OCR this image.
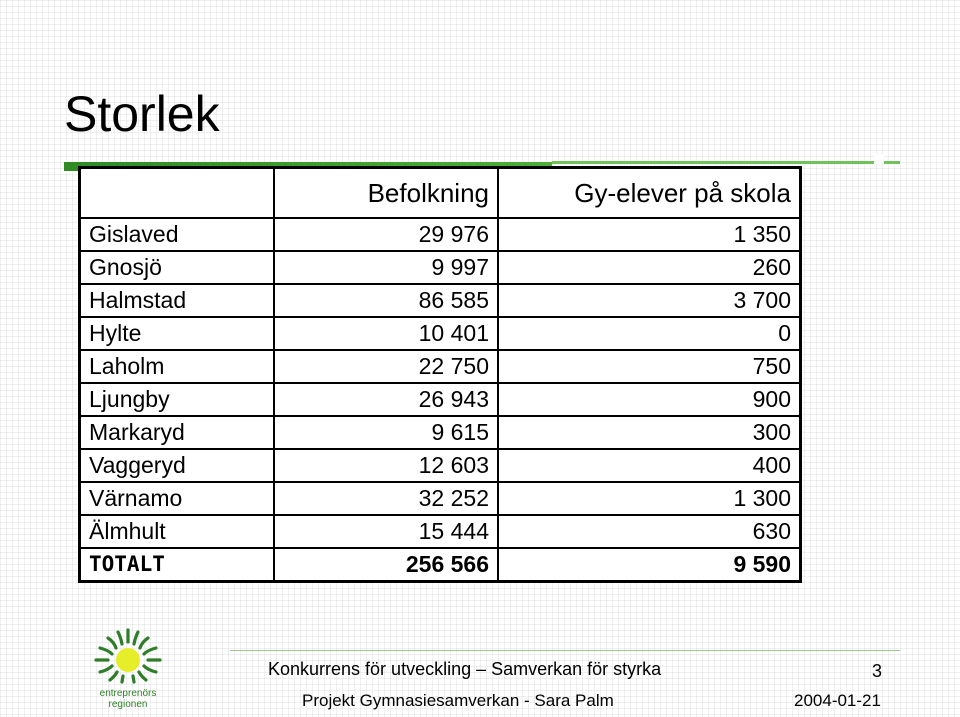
Storlek
	Befolkning	Gy-elever på skola
Gislaved	29 976	1 350
Gnosjö	9 997	260
Halmstad	86 585	3 700
Hylte	10 401	0
Laholm	22 750	750
Ljungby	26 943	900
Markaryd	9 615	300
Vaggeryd	12 603	400
Värnamo	32 252	1 300
Älmhult	15 444	630
TOTALT	256 566	9 590
entreprenörs
regionen
Konkurrens för utveckling – Samverkan för styrka	3
Projekt Gymnasiesamverkan - Sara Palm	2004-01-21
